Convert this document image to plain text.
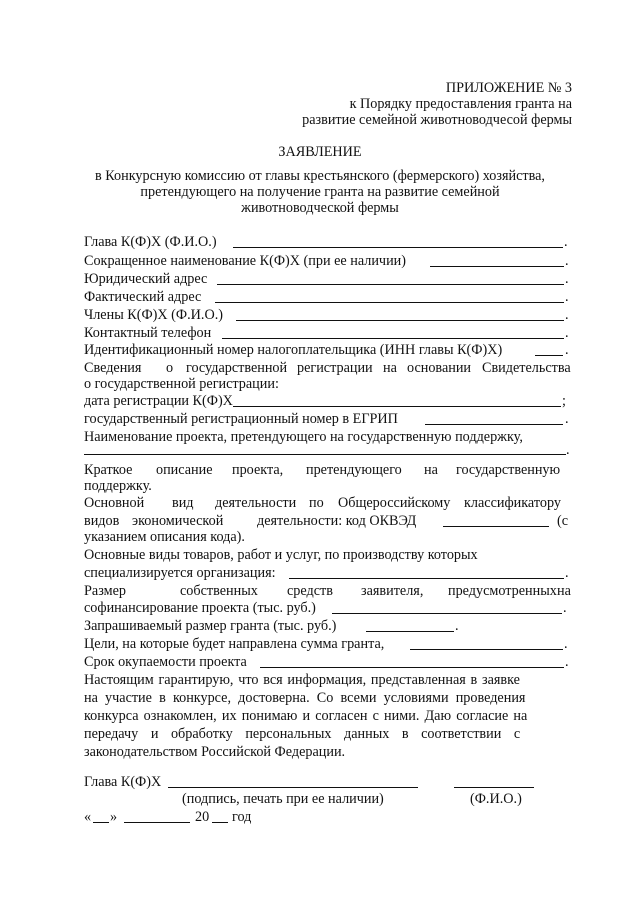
ПРИЛОЖЕНИЕ № 3
к Порядку предоставления гранта на
развитие семейной животноводчесой фермы
ЗАЯВЛЕНИЕ
в Конкурсную комиссию от главы крестьянского (фермерского) хозяйства,
претендующего на получение гранта на развитие семейной
животноводческой фермы
Глава К(Ф)Х (Ф.И.О.)	.
Сокращенное наименование К(Ф)Х (при ее наличии)	.
Юридический адрес	.
Фактический адрес	.
Члены К(Ф)Х (Ф.И.О.)	.
Контактный телефон	.
Идентификационный номер налогоплательщика (ИНН главы К(Ф)Х)	.
Сведения о государственной регистрации на основании Свидетельства
о государственной регистрации:
дата регистрации К(Ф)Х	;
государственный регистрационный номер в ЕГРИП	.
Наименование проекта, претендующего на государственную поддержку,
.
Краткое описание проекта, претендующего на государственную
поддержку.
Основной вид деятельности по Общероссийскому классификатору
видов экономической деятельности: код ОКВЭД	(с
указанием описания кода).
Основные виды товаров, работ и услуг, по производству которых
специализируется организация:	.
Размер	собственных средств заявителя, предусмотренных на
софинансирование проекта (тыс. руб.)	.
Запрашиваемый размер гранта (тыс. руб.)	.
Цели, на которые будет направлена сумма гранта,	.
Срок окупаемости проекта	.
Настоящим гарантирую, что вся информация, представленная в заявке
на участие в конкурсе, достоверна. Со всеми условиями проведения
конкурса ознакомлен, их понимаю и согласен с ними. Даю согласие на
передачу и обработку персональных данных в соответствии с
законодательством Российской Федерации.
Глава К(Ф)Х
(подпись, печать при ее наличии)	(Ф.И.О.)
« »	20 год
